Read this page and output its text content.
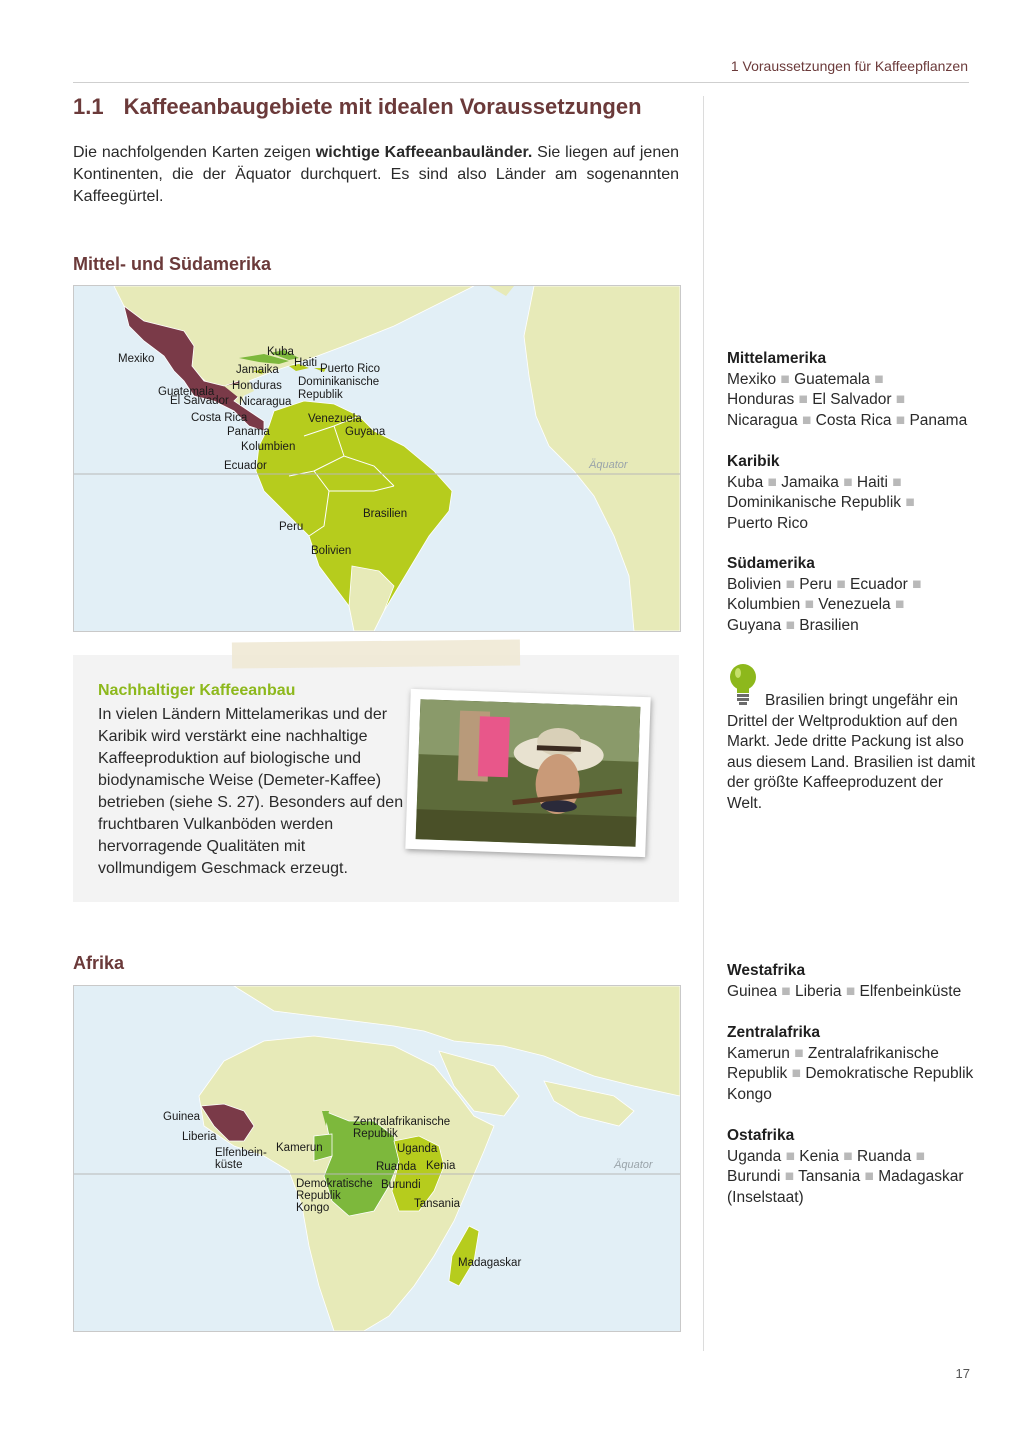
1 Voraussetzungen für Kaffeepflanzen
1.1 Kaffeeanbaugebiete mit idealen Voraussetzungen
Die nachfolgenden Karten zeigen wichtige Kaffeeanbauländer. Sie liegen auf jenen Kontinenten, die der Äquator durchquert. Es sind also Länder am sogenannten Kaffeegürtel.
Mittel- und Südamerika
Äquator
Mexiko
Kuba
Haiti Puerto Rico
Jamaika
Dominikanische
Republik
Honduras
Guatemala
El Salvador Nicaragua
Costa Rica
Panama
Venezuela
Guyana
Kolumbien
Ecuador
Brasilien
Peru
Bolivien
Nachhaltiger Kaffeeanbau
In vielen Ländern Mittelamerikas und der Karibik wird verstärkt eine nachhaltige Kaffeeproduktion auf biologische und biodynamische Weise (Demeter-Kaffee) betrieben (siehe S. 27). Besonders auf den fruchtbaren Vulkanböden werden hervorragende Qualitäten mit vollmundigem Geschmack erzeugt.
Afrika
Äquator
Guinea
Liberia
Elfenbein-
küste
Kamerun
Zentralafrikanische
Republik
Uganda
Ruanda Kenia
Burundi
Demokratische
Republik
Kongo	Tansania
Madagaskar
Mittelamerika
Mexiko ■ Guatemala ■
Honduras ■ El Salvador ■
Nicaragua ■ Costa Rica ■ Panama
Karibik
Kuba ■ Jamaika ■ Haiti ■
Dominikanische Republik ■
Puerto Rico
Südamerika
Bolivien ■ Peru ■ Ecuador ■
Kolumbien ■ Venezuela ■
Guyana ■ Brasilien
Brasilien bringt ungefähr ein Drittel der Weltproduktion auf den Markt. Jede dritte Packung ist also aus diesem Land. Brasilien ist damit der größte Kaffeeproduzent der Welt.
Westafrika
Guinea ■ Liberia ■ Elfenbeinküste
Zentralafrika
Kamerun ■ Zentralafrikanische Republik ■ Demokratische Republik Kongo
Ostafrika
Uganda ■ Kenia ■ Ruanda ■
Burundi ■ Tansania ■ Madagaskar (Inselstaat)
17
